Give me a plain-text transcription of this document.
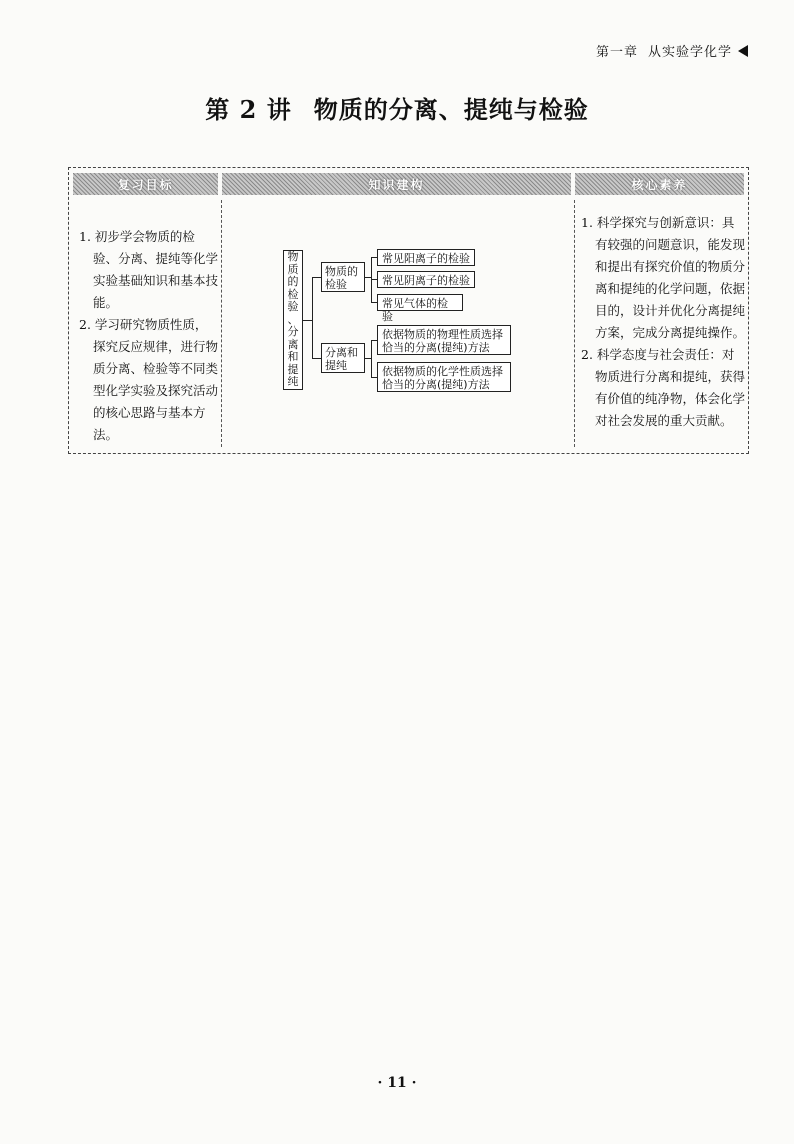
第一章 从实验学化学
第 2 讲 物质的分离、提纯与检验
复习目标	知识建构	核心素养
1. 初步学会物质的检验、分离、提纯等化学实验基础知识和基本技能。
2. 学习研究物质性质，探究反应规律，进行物质分离、检验等不同类型化学实验及探究活动的核心思路与基本方法。
物
质
的
检
验
、
分
离
和
提
纯
物质的检验
分离和提纯
常见阳离子的检验
常见阴离子的检验
常见气体的检验
依据物质的物理性质选择恰当的分离(提纯)方法
依据物质的化学性质选择恰当的分离(提纯)方法
1. 科学探究与创新意识：具有较强的问题意识，能发现和提出有探究价值的物质分离和提纯的化学问题，依据目的，设计并优化分离提纯方案，完成分离提纯操作。
2. 科学态度与社会责任：对物质进行分离和提纯，获得有价值的纯净物，体会化学对社会发展的重大贡献。
· 11 ·
